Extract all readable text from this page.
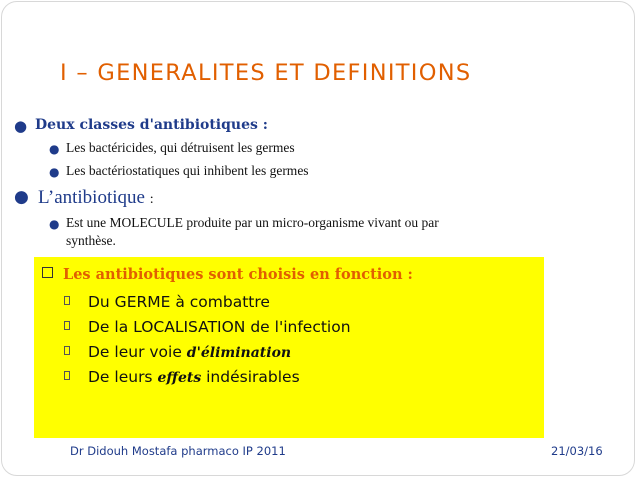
I – GENERALITES ET DEFINITIONS
● Deux classes d'antibiotiques :
● Les bactéricides, qui détruisent les germes
● Les bactériostatiques qui inhibent les germes
● L’antibiotique :
● Est une MOLECULE produite par un micro-organisme vivant ou par
synthèse.
Les antibiotiques sont choisis en fonction :
Du GERME à combattre
De la LOCALISATION de l'infection
De leur voie d'élimination
De leurs effets indésirables
Dr Didouh Mostafa pharmaco IP 2011	21/03/16
